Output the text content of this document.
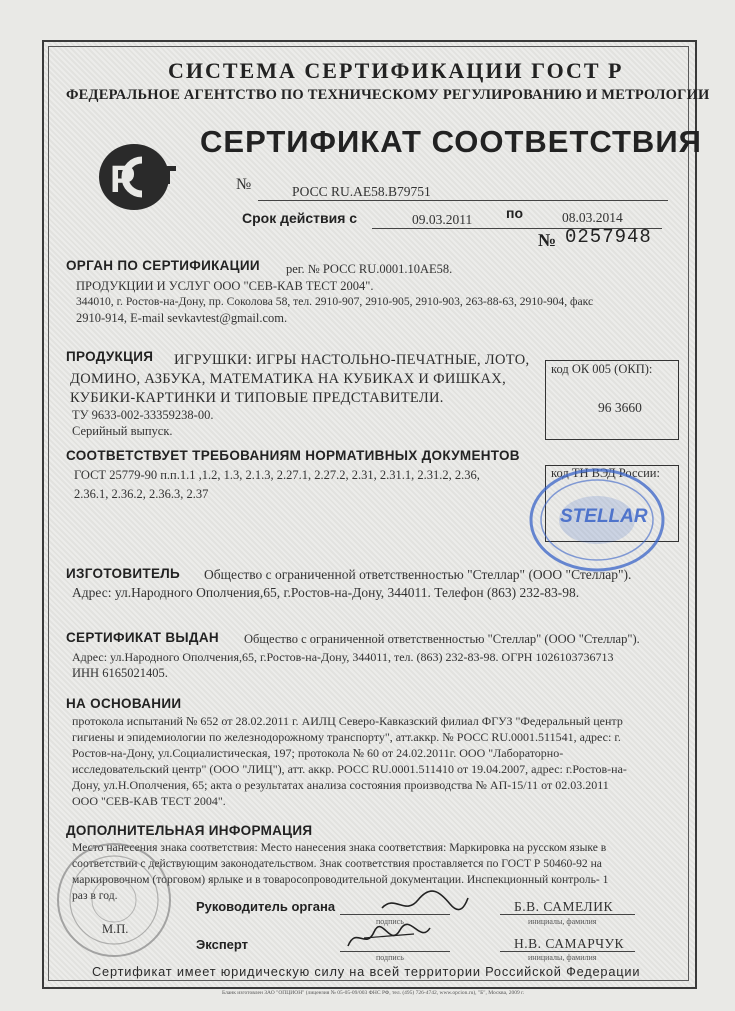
СИСТЕМА СЕРТИФИКАЦИИ ГОСТ Р
ФЕДЕРАЛЬНОЕ АГЕНТСТВО ПО ТЕХНИЧЕСКОМУ РЕГУЛИРОВАНИЮ И МЕТРОЛОГИИ
Р
СЕРТИФИКАТ СООТВЕТСТВИЯ
№	РОСС RU.AE58.B79751
Срок действия с	09.03.2011 по	08.03.2014
№ 0257948
ОРГАН ПО СЕРТИФИКАЦИИ рег. № РОСС RU.0001.10AE58.
ПРОДУКЦИИ И УСЛУГ ООО "СЕВ-КАВ ТЕСТ 2004".
344010, г. Ростов-на-Дону, пр. Соколова 58, тел. 2910-907, 2910-905, 2910-903, 263-88-63, 2910-904, факс
2910-914, E-mail sevkavtest@gmail.com.
ПРОДУКЦИЯ ИГРУШКИ: ИГРЫ НАСТОЛЬНО-ПЕЧАТНЫЕ, ЛОТО,
ДОМИНО, АЗБУКА, МАТЕМАТИКА НА КУБИКАХ И ФИШКАХ,
КУБИКИ-КАРТИНКИ И ТИПОВЫЕ ПРЕДСТАВИТЕЛИ.
ТУ 9633-002-33359238-00.
Серийный выпуск.
код ОК 005 (ОКП):
96 3660
СООТВЕТСТВУЕТ ТРЕБОВАНИЯМ НОРМАТИВНЫХ ДОКУМЕНТОВ
ГОСТ 25779-90 п.п.1.1 ,1.2, 1.3, 2.1.3, 2.27.1, 2.27.2, 2.31, 2.31.1, 2.31.2, 2.36,
2.36.1, 2.36.2, 2.36.3, 2.37
код ТН ВЭД России:
STELLAR
ИЗГОТОВИТЕЛЬ Общество с ограниченной ответственностью "Стеллар" (ООО "Стеллар").
Адрес: ул.Народного Ополчения,65, г.Ростов-на-Дону, 344011. Телефон (863) 232-83-98.
СЕРТИФИКАТ ВЫДАН Общество с ограниченной ответственностью "Стеллар" (ООО "Стеллар").
Адрес: ул.Народного Ополчения,65, г.Ростов-на-Дону, 344011, тел. (863) 232-83-98. ОГРН 1026103736713
ИНН 6165021405.
НА ОСНОВАНИИ
протокола испытаний № 652 от 28.02.2011 г. АИЛЦ Северо-Кавказский филиал ФГУЗ "Федеральный центр
гигиены и эпидемиологии по железнодорожному транспорту", атт.аккр. № РОСС RU.0001.511541, адрес: г.
Ростов-на-Дону, ул.Социалистическая, 197; протокола № 60 от 24.02.2011г. ООО "Лабораторно-
исследовательский центр" (ООО "ЛИЦ"), атт. аккр. РОСС RU.0001.511410 от 19.04.2007, адрес: г.Ростов-на-
Дону, ул.Н.Ополчения, 65; акта о результатах анализа состояния производства № АП-15/11 от 02.03.2011
ООО "СЕВ-КАВ ТЕСТ 2004".
ДОПОЛНИТЕЛЬНАЯ ИНФОРМАЦИЯ
Место нанесения знака соответствия: Место нанесения знака соответствия: Маркировка на русском языке в
соответствии с действующим законодательством. Знак соответствия проставляется по ГОСТ Р 50460-92 на
маркировочном (торговом) ярлыке и в товаросопроводительной документации. Инспекционный контроль- 1
раз в год.
М.П.
Руководитель органа
подпись
Б.В. САМЕЛИК
инициалы, фамилия
Эксперт
подпись
Н.В. САМАРЧУК
инициалы, фамилия
Сертификат имеет юридическую силу на всей территории Российской Федерации
Бланк изготовлен ЗАО "ОПЦИОН" (лицензия № 05-05-09/003 ФНС РФ, тел. (495) 726-4742, www.opcion.ru), "Б", Москва, 2009 г.
